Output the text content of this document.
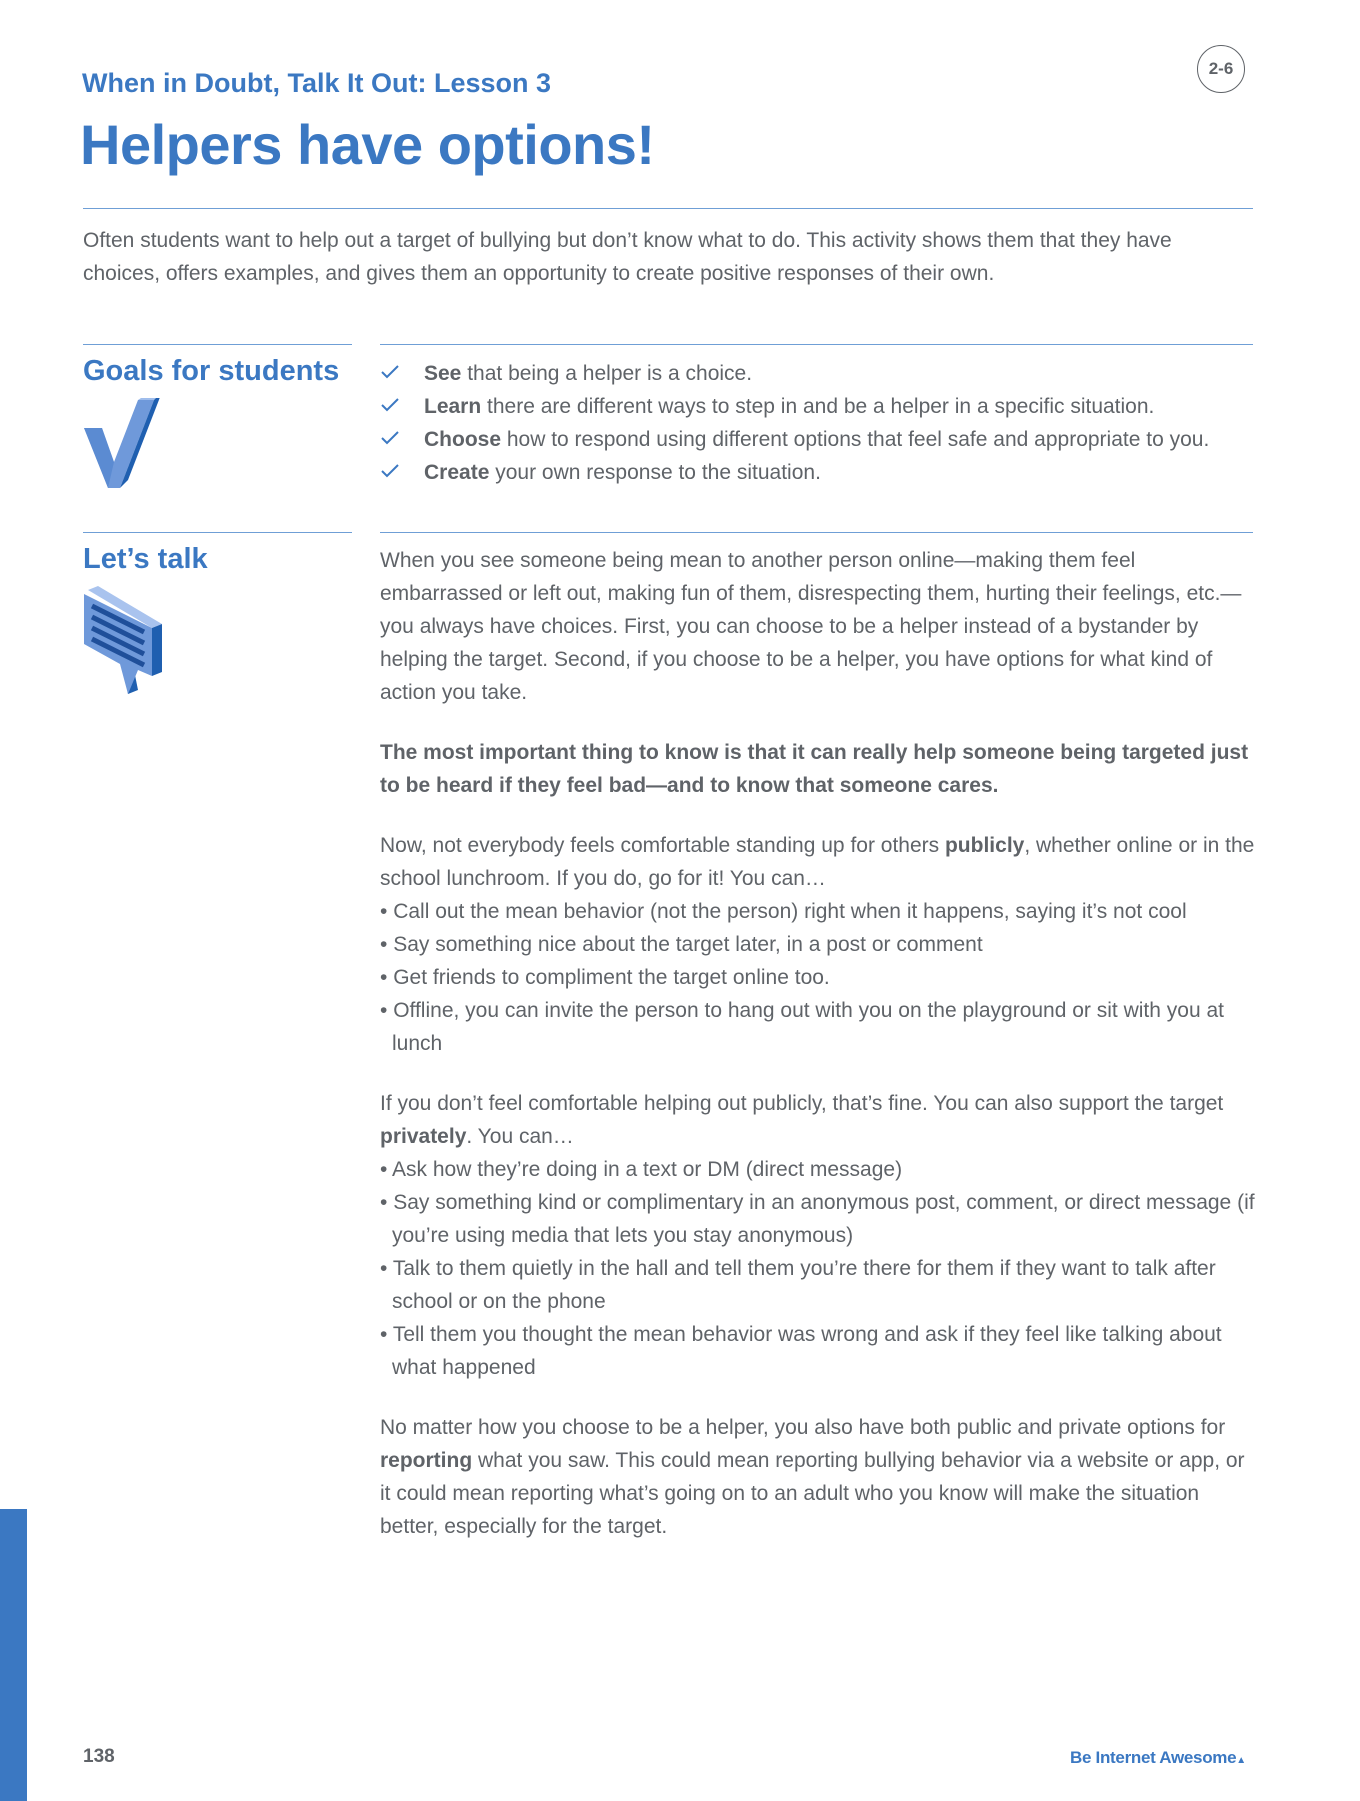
When in Doubt, Talk It Out: Lesson 3
Helpers have options!
2-6
Often students want to help out a target of bullying but don’t know what to do. This activity shows them that they have choices, offers examples, and gives them an opportunity to create positive responses of their own.
Goals for students	See that being a helper is a choice.
Learn there are different ways to step in and be a helper in a specific situation.
Choose how to respond using different options that feel safe and appropriate to you.
Create your own response to the situation.
Let’s talk	When you see someone being mean to another person online—making them feel embarrassed or left out, making fun of them, disrespecting them, hurting their feelings, etc.—you always have choices. First, you can choose to be a helper instead of a bystander by helping the target. Second, if you choose to be a helper, you have options for what kind of action you take.

The most important thing to know is that it can really help someone being targeted just to be heard if they feel bad—and to know that someone cares.

Now, not everybody feels comfortable standing up for others publicly, whether online or in the school lunchroom. If you do, go for it! You can…
• Call out the mean behavior (not the person) right when it happens, saying it’s not cool
• Say something nice about the target later, in a post or comment
• Get friends to compliment the target online too.
• Offline, you can invite the person to hang out with you on the playground or sit with you at lunch
If you don’t feel comfortable helping out publicly, that’s fine. You can also support the target privately. You can…
• Ask how they’re doing in a text or DM (direct message)
• Say something kind or complimentary in an anonymous post, comment, or direct message (if you’re using media that lets you stay anonymous)
• Talk to them quietly in the hall and tell them you’re there for them if they want to talk after school or on the phone
• Tell them you thought the mean behavior was wrong and ask if they feel like talking about what happened

No matter how you choose to be a helper, you also have both public and private options for reporting what you saw. This could mean reporting bullying behavior via a website or app, or it could mean reporting what’s going on to an adult who you know will make the situation better, especially for the target.

138	Be Internet Awesome▲
